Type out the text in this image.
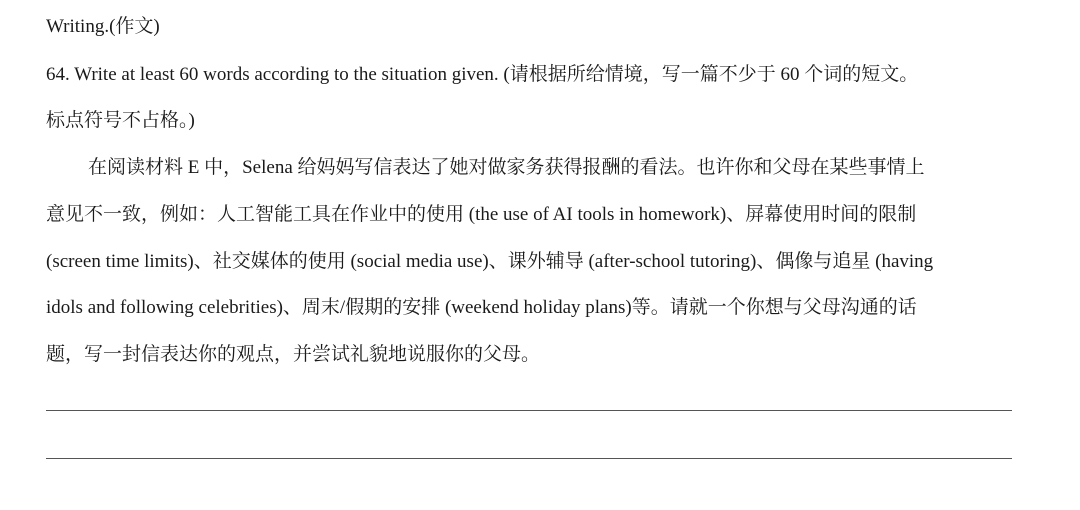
Writing.(作文)
64. Write at least 60 words according to the situation given. (请根据所给情境，写一篇不少于 60 个词的短文。
标点符号不占格。)
在阅读材料 E 中，Selena 给妈妈写信表达了她对做家务获得报酬的看法。也许你和父母在某些事情上
意见不一致，例如：人工智能工具在作业中的使用 (the use of AI tools in homework)、屏幕使用时间的限制
(screen time limits)、社交媒体的使用 (social media use)、课外辅导 (after-school tutoring)、偶像与追星 (having
idols and following celebrities)、周末/假期的安排 (weekend holiday plans)等。请就一个你想与父母沟通的话
题，写一封信表达你的观点，并尝试礼貌地说服你的父母。
